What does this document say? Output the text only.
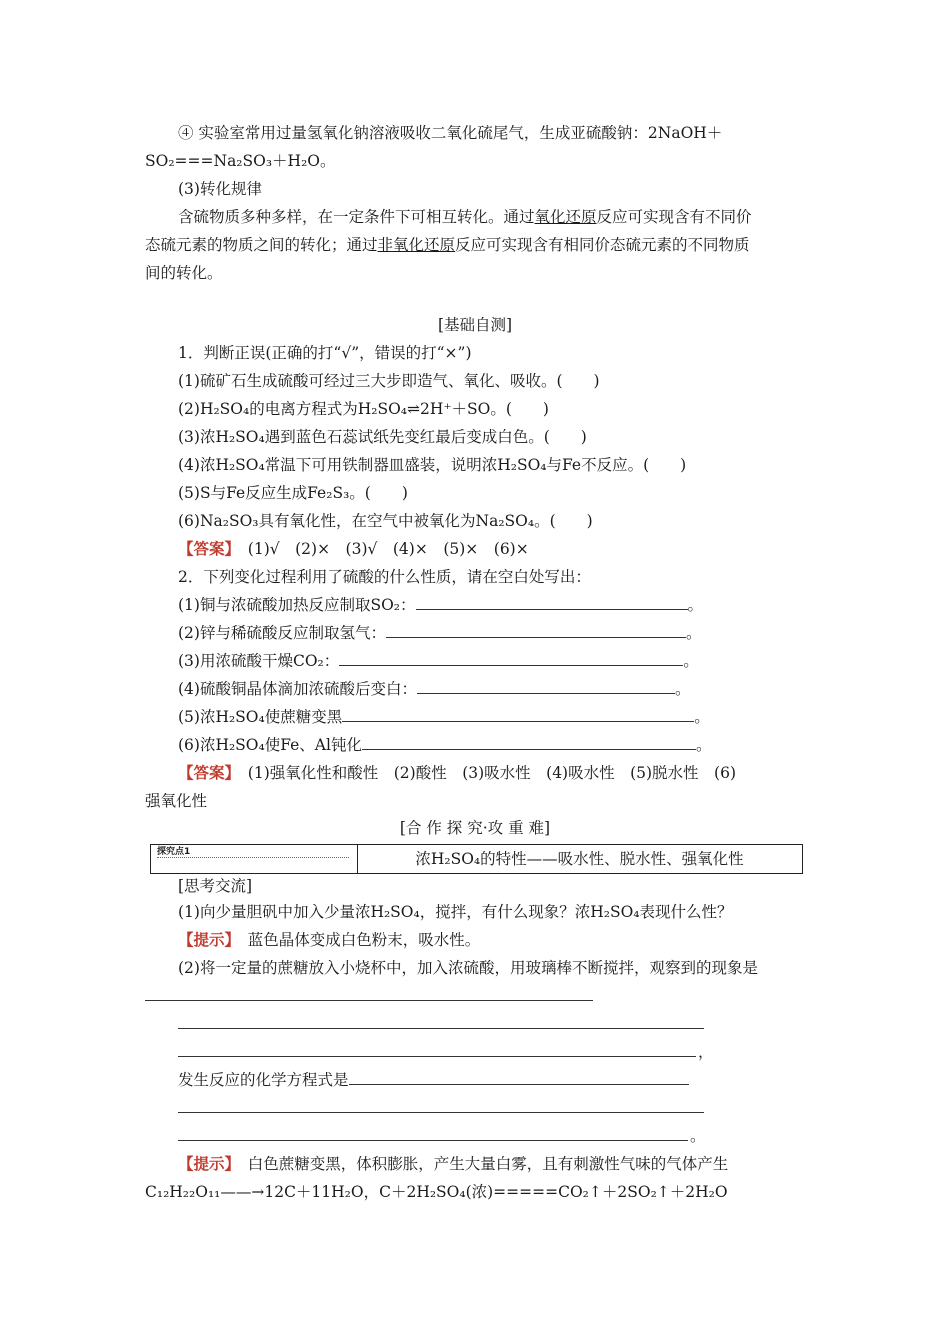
④ 实验室常用过量氢氧化钠溶液吸收二氧化硫尾气，生成亚硫酸钠：2NaOH＋
SO₂===Na₂SO₃＋H₂O。
(3)转化规律
含硫物质多种多样，在一定条件下可相互转化。通过氧化还原反应可实现含有不同价
态硫元素的物质之间的转化；通过非氧化还原反应可实现含有相同价态硫元素的不同物质
间的转化。
[基础自测]
1．判断正误(正确的打“√”，错误的打“×”)
(1)硫矿石生成硫酸可经过三大步即造气、氧化、吸收。(　　)
(2)H₂SO₄的电离方程式为H₂SO₄⇌2H⁺＋SO。(　　)
(3)浓H₂SO₄遇到蓝色石蕊试纸先变红最后变成白色。(　　)
(4)浓H₂SO₄常温下可用铁制器皿盛装，说明浓H₂SO₄与Fe不反应。(　　)
(5)S与Fe反应生成Fe₂S₃。(　　)
(6)Na₂SO₃具有氧化性，在空气中被氧化为Na₂SO₄。(　　)
【答案】　 (1)√　(2)×　(3)√　(4)×　(5)×　(6)×
2．下列变化过程利用了硫酸的什么性质，请在空白处写出：
(1)铜与浓硫酸加热反应制取SO₂：	。
(2)锌与稀硫酸反应制取氢气：	。
(3)用浓硫酸干燥CO₂：	。
(4)硫酸铜晶体滴加浓硫酸后变白：	。
(5)浓H₂SO₄使蔗糖变黑	。
(6)浓H₂SO₄使Fe、Al钝化	。
【答案】　 (1)强氧化性和酸性　(2)酸性　(3)吸水性　(4)吸水性　(5)脱水性　(6)
强氧化性
[合 作 探 究·攻 重 难]
探究点1	浓H₂SO₄的特性——吸水性、脱水性、强氧化性
[思考交流]
(1)向少量胆矾中加入少量浓H₂SO₄，搅拌，有什么现象？浓H₂SO₄表现什么性？
【提示】　 蓝色晶体变成白色粉末，吸水性。
(2)将一定量的蔗糖放入小烧杯中，加入浓硫酸，用玻璃棒不断搅拌，观察到的现象是
，
发生反应的化学方程式是
。
【提示】　 白色蔗糖变黑，体积膨胀，产生大量白雾，且有刺激性气味的气体产生
C₁₂H₂₂O₁₁——→12C＋11H₂O，C＋2H₂SO₄(浓)=====CO₂↑＋2SO₂↑＋2H₂O
